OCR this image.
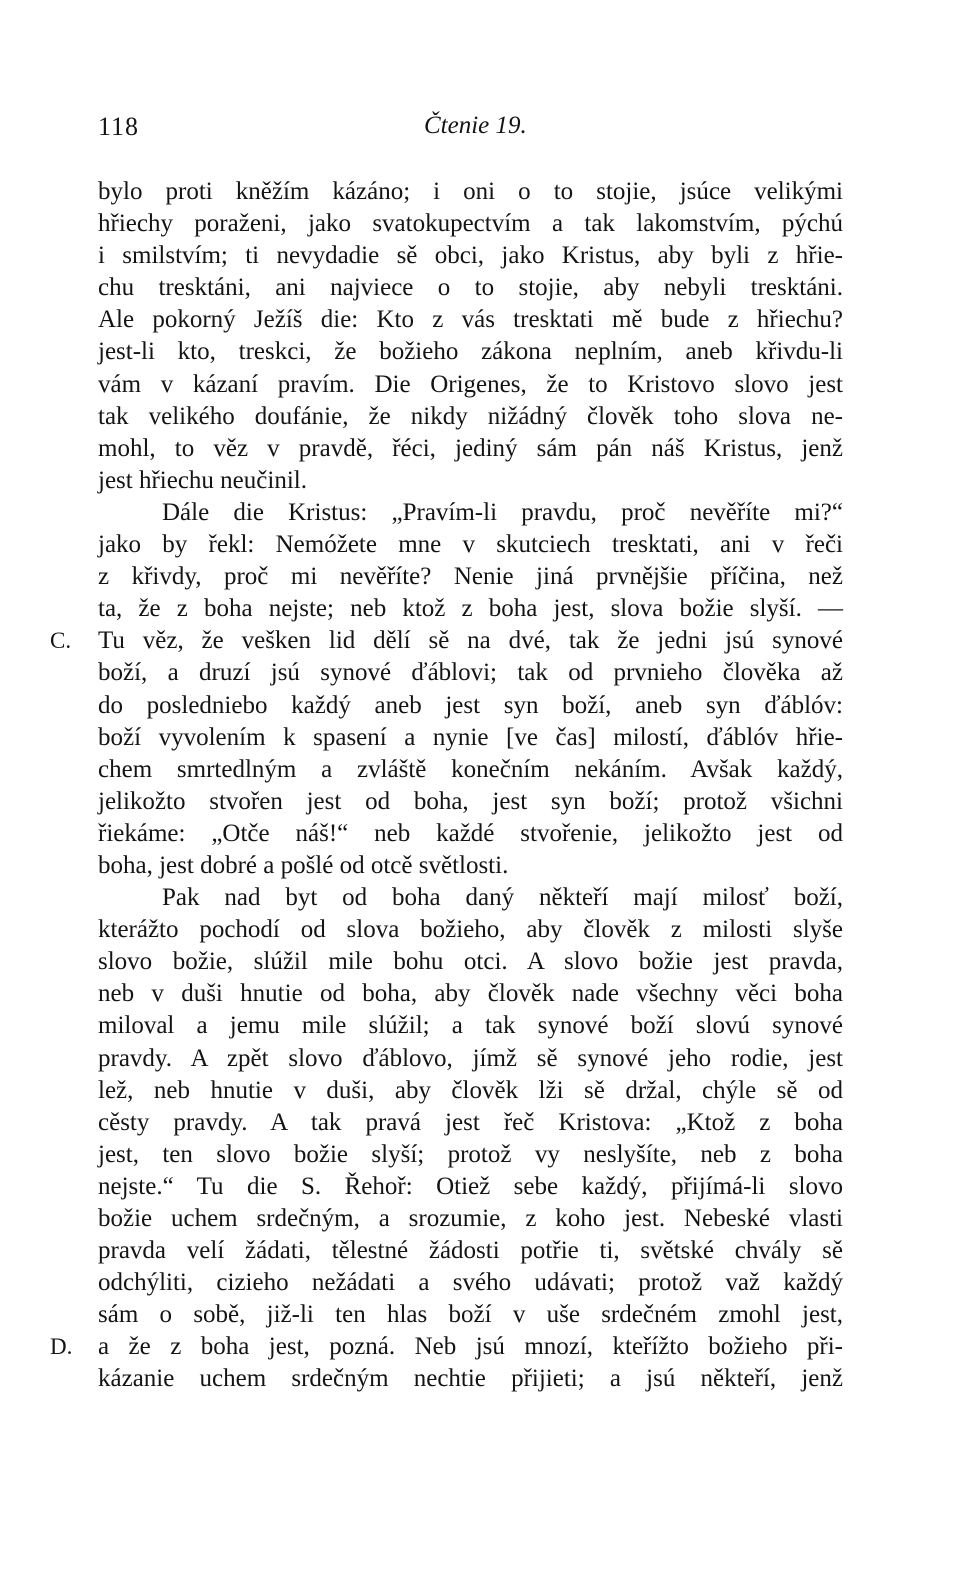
118	Čtenie 19.
bylo proti kněžím kázáno; i oni o to stojie, jsúce velikými
hřiechy poraženi, jako svatokupectvím a tak lakomstvím, pýchú
i smilstvím; ti nevydadie sě obci, jako Kristus, aby byli z hřie-
chu tresktáni, ani najviece o to stojie, aby nebyli tresktáni.
Ale pokorný Ježíš die: Kto z vás tresktati mě bude z hřiechu?
jest-li kto, treskci, že božieho zákona neplním, aneb křivdu-li
vám v kázaní pravím. Die Origenes, že to Kristovo slovo jest
tak velikého doufánie, že nikdy nižádný člověk toho slova ne-
mohl, to věz v pravdě, řéci, jediný sám pán náš Kristus, jenž
jest hřiechu neučinil.
Dále die Kristus: „Pravím-li pravdu, proč nevěříte mi?“
jako by řekl: Nemóžete mne v skutciech tresktati, ani v řeči
z křivdy, proč mi nevěříte? Nenie jiná prvnějšie příčina, než
ta, že z boha nejste; neb ktož z boha jest, slova božie slyší. —
C. Tu věz, že vešken lid dělí sě na dvé, tak že jedni jsú synové
boží, a druzí jsú synové ďáblovi; tak od prvnieho člověka až
do posledniebo každý aneb jest syn boží, aneb syn ďáblóv:
boží vyvolením k spasení a nynie [ve čas] milostí, ďáblóv hřie-
chem smrtedlným a zvláště konečním nekáním. Avšak každý,
jelikožto stvořen jest od boha, jest syn boží; protož všichni
řiekáme: „Otče náš!“ neb každé stvořenie, jelikožto jest od
boha, jest dobré a pošlé od otcě světlosti.
Pak nad byt od boha daný někteří mají milosť boží,
kterážto pochodí od slova božieho, aby člověk z milosti slyše
slovo božie, slúžil mile bohu otci. A slovo božie jest pravda,
neb v duši hnutie od boha, aby člověk nade všechny věci boha
miloval a jemu mile slúžil; a tak synové boží slovú synové
pravdy. A zpět slovo ďáblovo, jímž sě synové jeho rodie, jest
lež, neb hnutie v duši, aby člověk lži sě držal, chýle sě od
cěsty pravdy. A tak pravá jest řeč Kristova: „Ktož z boha
jest, ten slovo božie slyší; protož vy neslyšíte, neb z boha
nejste.“ Tu die S. Řehoř: Otiež sebe každý, přijímá-li slovo
božie uchem srdečným, a srozumie, z koho jest. Nebeské vlasti
pravda velí žádati, tělestné žádosti potřie ti, světské chvály sě
odchýliti, cizieho nežádati a svého udávati; protož važ každý
sám o sobě, již-li ten hlas boží v uše srdečném zmohl jest,
D. a že z boha jest, pozná. Neb jsú mnozí, kteřížto božieho při-
kázanie uchem srdečným nechtie přijieti; a jsú někteří, jenž
